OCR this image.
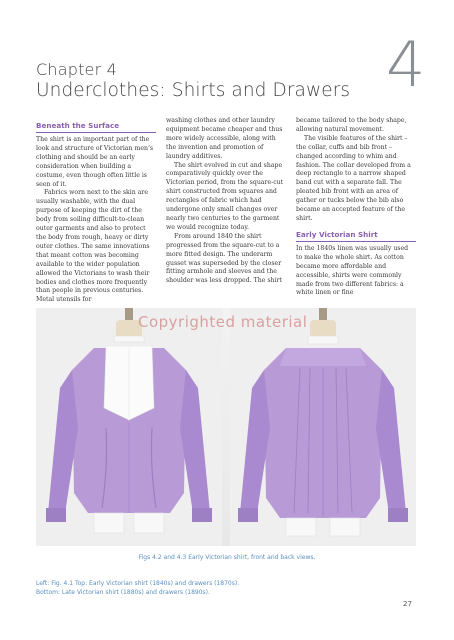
Chapter 4
Underclothes: Shirts and Drawers 4
Beneath the Surface

The shirt is an important part of the look and structure of Victorian men’s clothing and should be an early consideration when building a costume, even though often little is seen of it.

Fabrics worn next to the skin are usually washable, with the dual purpose of keeping the dirt of the body from soiling difficult-to-clean outer garments and also to protect the body from rough, heavy or dirty outer clothes. The same innovations that meant cotton was becoming available to the wider population allowed the Victorians to wash their bodies and clothes more frequently than people in previous centuries. Metal utensils for

washing clothes and other laundry equipment became cheaper and thus more widely accessible, along with the invention and promotion of laundry additives.

The shirt evolved in cut and shape comparatively quickly over the Victorian period, from the square-cut shirt constructed from squares and rectangles of fabric which had undergone only small changes over nearly two centuries to the garment we would recognize today.

From around 1840 the shirt progressed from the square-cut to a more fitted design. The underarm gusset was superseded by the closer fitting armhole and sleeves and the shoulder was less dropped. The shirt

became tailored to the body shape, allowing natural movement.

The visible features of the shirt – the collar, cuffs and bib front – changed according to whim and fashion. The collar developed from a deep rectangle to a narrow shaped band cut with a separate fall. The pleated bib front with an area of gather or tucks below the bib also became an accepted feature of the shirt.

Early Victorian Shirt

In the 1840s linen was usually used to make the whole shirt. As cotton became more affordable and accessible, shirts were commonly made from two different fabrics: a white linen or fine

Copyrighted material
Figs 4.2 and 4.3 Early Victorian shirt, front and back views.
Left: Fig. 4.1 Top: Early Victorian shirt (1840s) and drawers (1870s).
Bottom: Late Victorian shirt (1880s) and drawers (1890s).
27
